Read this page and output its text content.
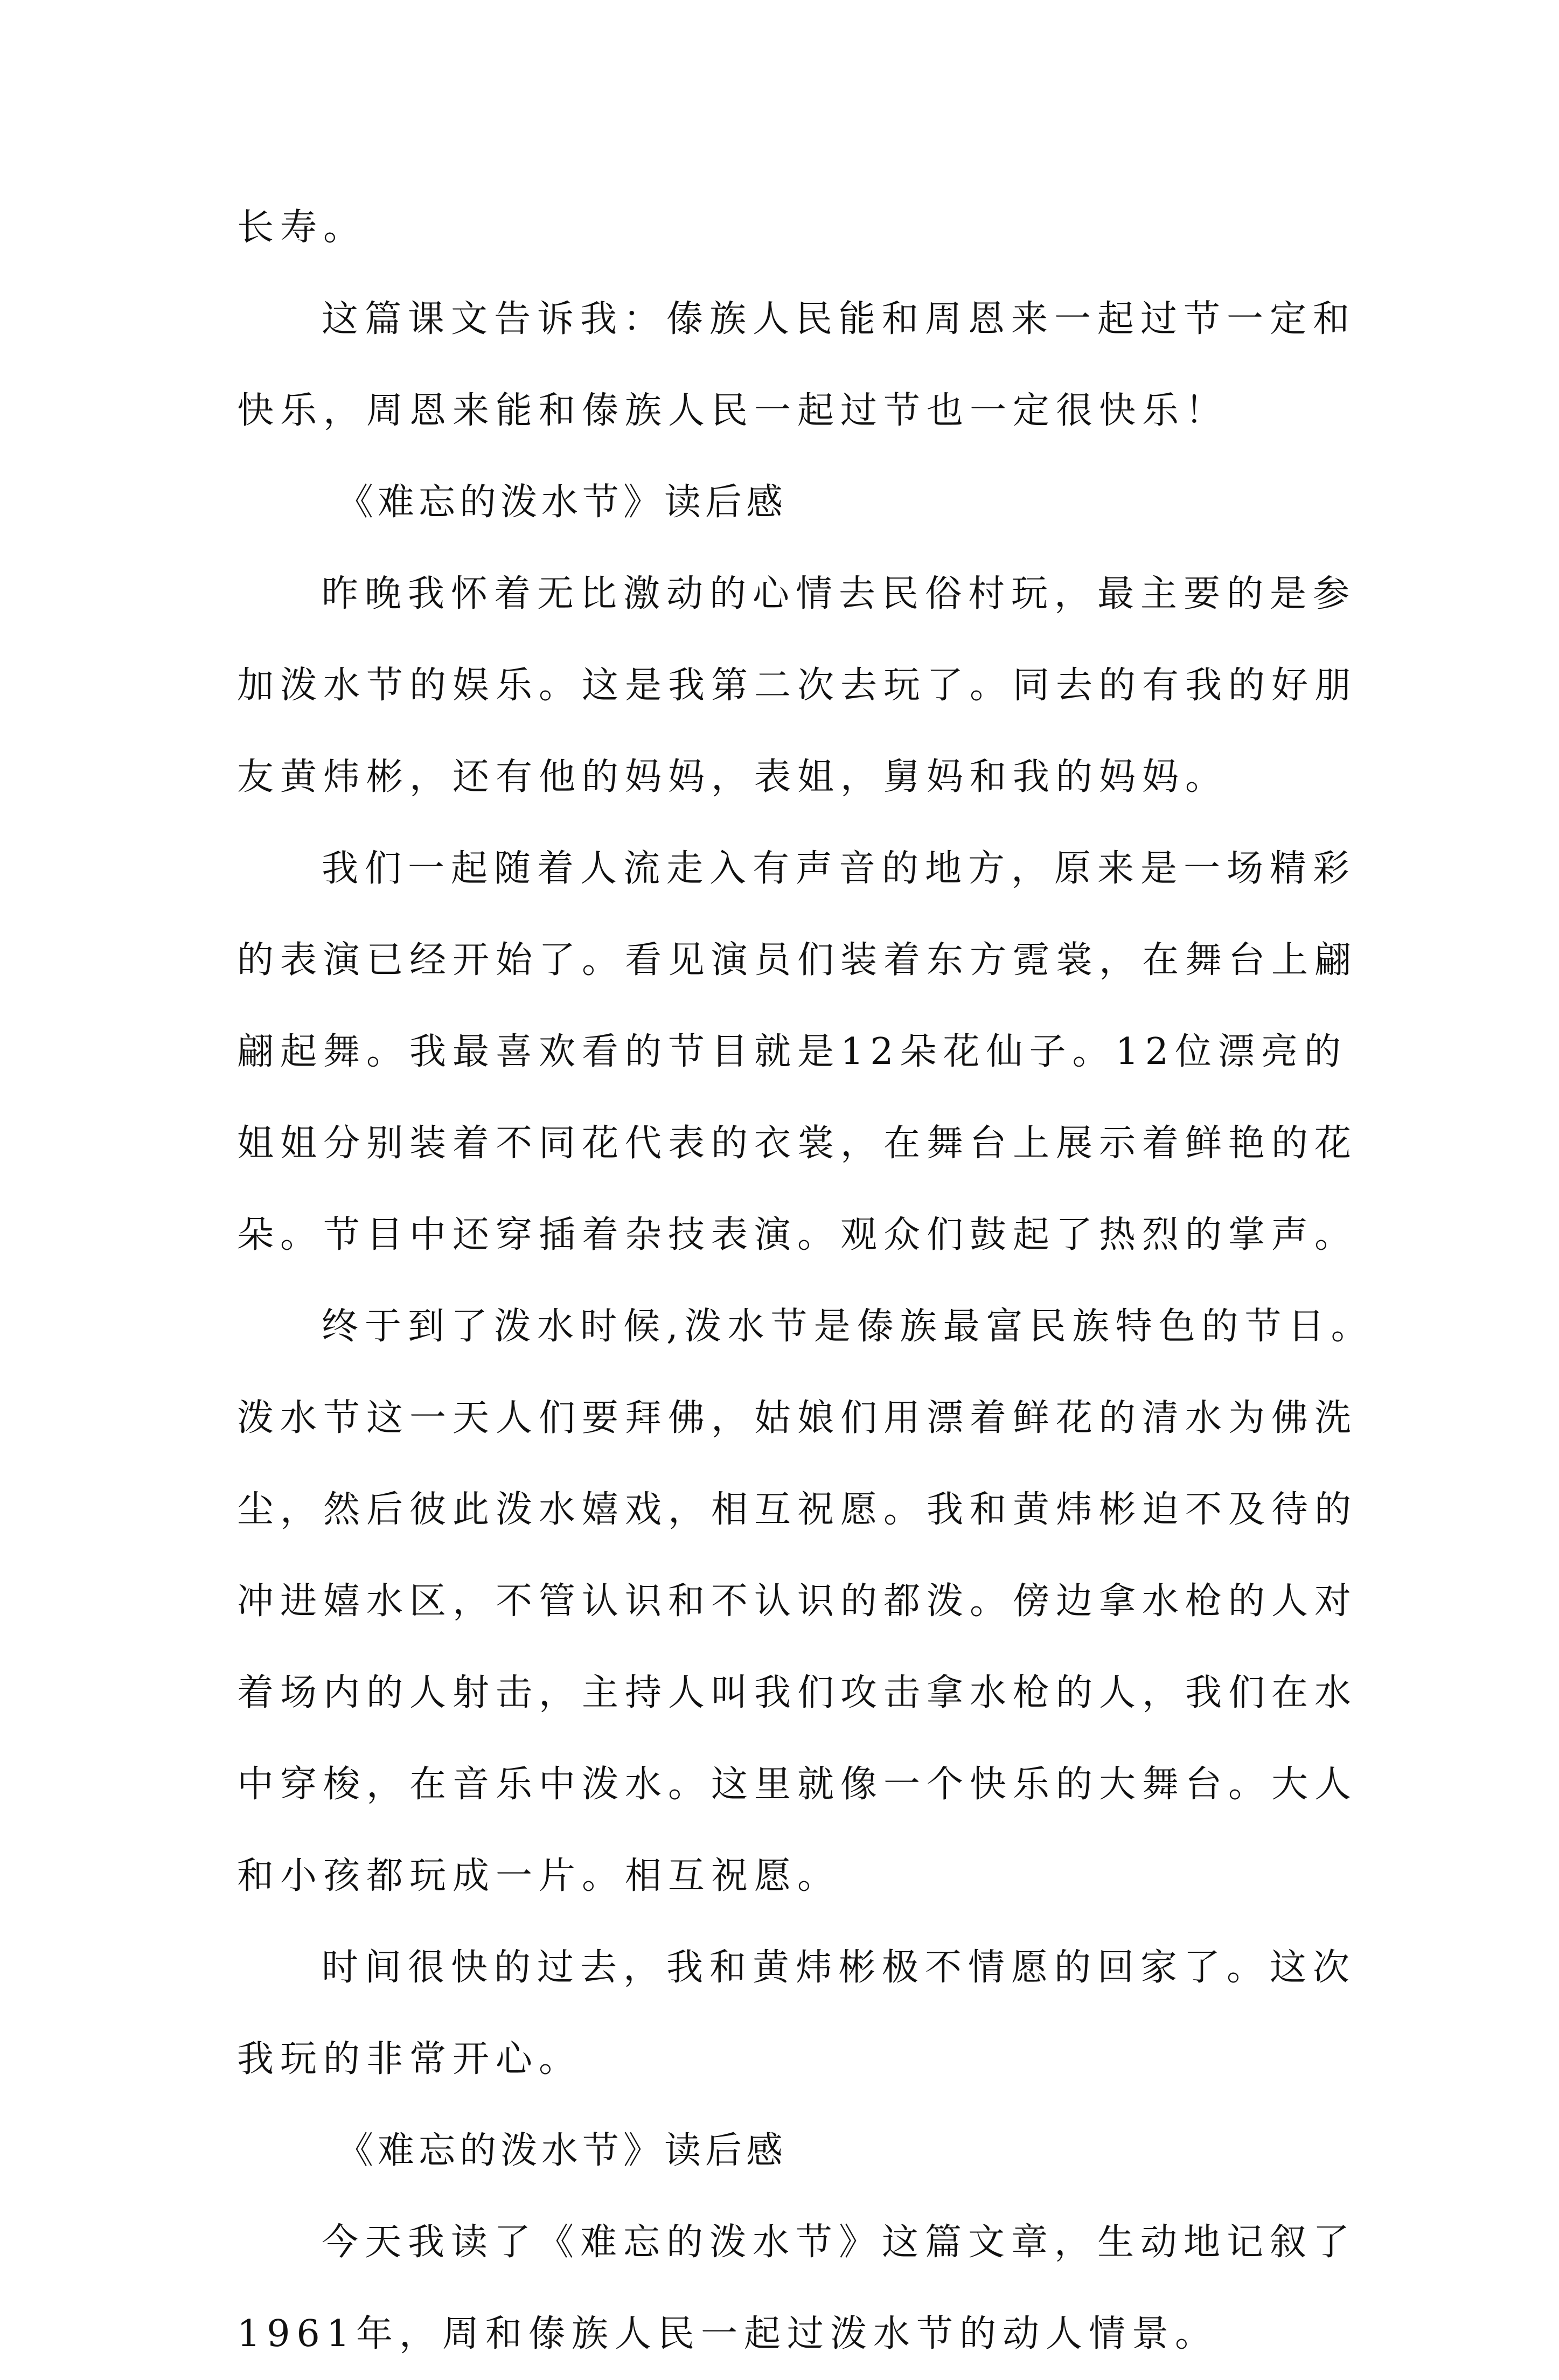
长寿。
这篇课文告诉我：傣族人民能和周恩来一起过节一定和
快乐，周恩来能和傣族人民一起过节也一定很快乐！
《难忘的泼水节》读后感
昨晚我怀着无比激动的心情去民俗村玩，最主要的是参
加泼水节的娱乐。这是我第二次去玩了。同去的有我的好朋
友黄炜彬，还有他的妈妈，表姐，舅妈和我的妈妈。
我们一起随着人流走入有声音的地方，原来是一场精彩
的表演已经开始了。看见演员们装着东方霓裳，在舞台上翩
翩起舞。我最喜欢看的节目就是12朵花仙子。12位漂亮的
姐姐分别装着不同花代表的衣裳，在舞台上展示着鲜艳的花
朵。节目中还穿插着杂技表演。观众们鼓起了热烈的掌声。
终于到了泼水时候,泼水节是傣族最富民族特色的节日。
泼水节这一天人们要拜佛，姑娘们用漂着鲜花的清水为佛洗
尘，然后彼此泼水嬉戏，相互祝愿。我和黄炜彬迫不及待的
冲进嬉水区，不管认识和不认识的都泼。傍边拿水枪的人对
着场内的人射击，主持人叫我们攻击拿水枪的人，我们在水
中穿梭，在音乐中泼水。这里就像一个快乐的大舞台。大人
和小孩都玩成一片。相互祝愿。
时间很快的过去，我和黄炜彬极不情愿的回家了。这次
我玩的非常开心。
《难忘的泼水节》读后感
今天我读了《难忘的泼水节》这篇文章，生动地记叙了
1961年，周和傣族人民一起过泼水节的动人情景。
